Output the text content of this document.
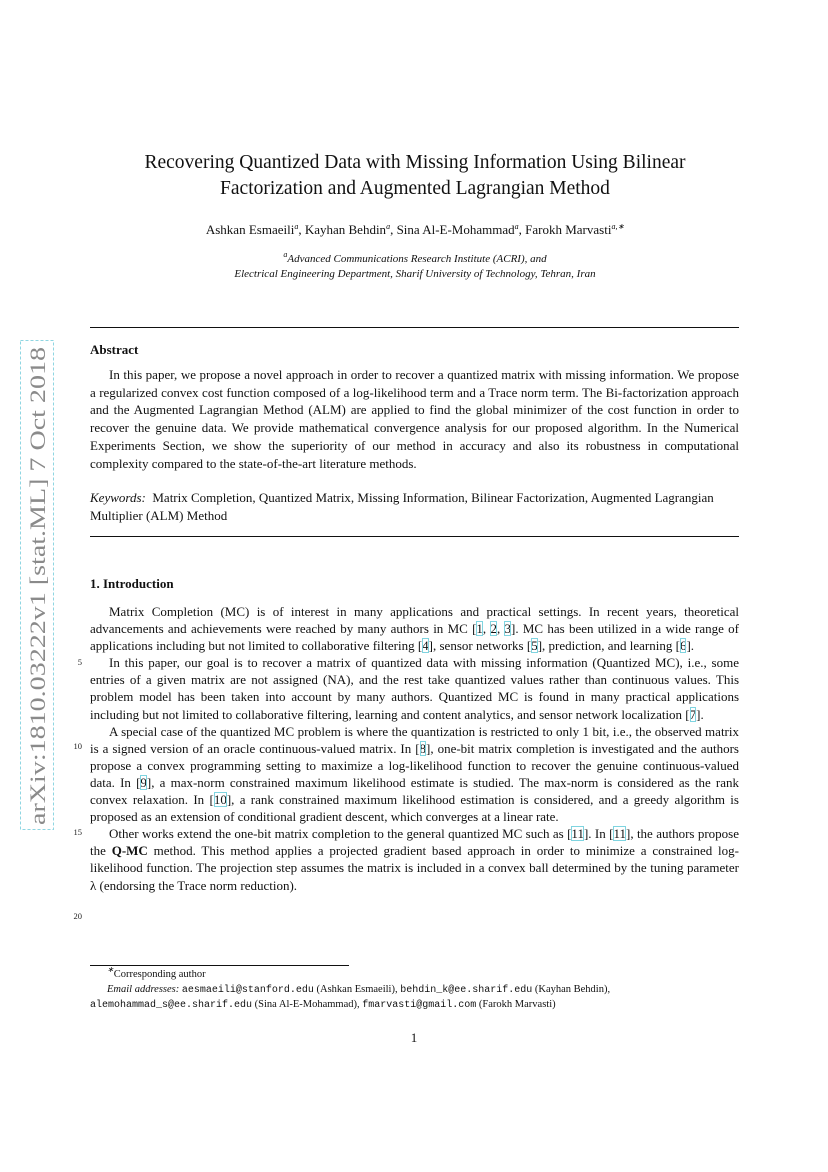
arXiv:1810.03222v1 [stat.ML] 7 Oct 2018
Recovering Quantized Data with Missing Information Using Bilinear
Factorization and Augmented Lagrangian Method
Ashkan Esmaeili$^a$, Kayhan Behdin$^a$, Sina Al-E-Mohammad$^a$, Farokh Marvasti$^{a,∗}$
$^a$Advanced Communications Research Institute (ACRI), and
Electrical Engineering Department, Sharif University of Technology, Tehran, Iran
Abstract

In this paper, we propose a novel approach in order to recover a quantized matrix with missing information. We propose a regularized convex cost function composed of a log-likelihood term and a Trace norm term. The Bi-factorization approach and the Augmented Lagrangian Method (ALM) are applied to find the global minimizer of the cost function in order to recover the genuine data. We provide mathematical convergence analysis for our proposed algorithm. In the Numerical Experiments Section, we show the superiority of our method in accuracy and also its robustness in computational complexity compared to the state-of-the-art literature methods.

Keywords: Matrix Completion, Quantized Matrix, Missing Information, Bilinear Factorization, Augmented Lagrangian Multiplier (ALM) Method

1. Introduction
5
10
15
20

Matrix Completion (MC) is of interest in many applications and practical settings. In recent years, theoretical advancements and achievements were reached by many authors in MC [1, 2, 3]. MC has been utilized in a wide range of applications including but not limited to collaborative filtering [4], sensor networks [5], prediction, and learning [6].

In this paper, our goal is to recover a matrix of quantized data with missing information (Quantized MC), i.e., some entries of a given matrix are not assigned (NA), and the rest take quantized values rather than continuous values. This problem model has been taken into account by many authors. Quantized MC is found in many practical applications including but not limited to collaborative filtering, learning and content analytics, and sensor network localization [7].

A special case of the quantized MC problem is where the quantization is restricted to only 1 bit, i.e., the observed matrix is a signed version of an oracle continuous-valued matrix. In [8], one-bit matrix completion is investigated and the authors propose a convex programming setting to maximize a log-likelihood function to recover the genuine continuous-valued data. In [9], a max-norm constrained maximum likelihood estimate is studied. The max-norm is considered as the rank convex relaxation. In [10], a rank constrained maximum likelihood estimation is considered, and a greedy algorithm is proposed as an extension of conditional gradient descent, which converges at a linear rate.

Other works extend the one-bit matrix completion to the general quantized MC such as [11]. In [11], the authors propose the Q-MC method. This method applies a projected gradient based approach in order to minimize a constrained log-likelihood function. The projection step assumes the matrix is included in a convex ball determined by the tuning parameter λ (endorsing the Trace norm reduction).

∗Corresponding author

Email addresses: aesmaeili@stanford.edu (Ashkan Esmaeili), behdin_k@ee.sharif.edu (Kayhan Behdin),

alemohammad_s@ee.sharif.edu (Sina Al-E-Mohammad), fmarvasti@gmail.com (Farokh Marvasti)

1
